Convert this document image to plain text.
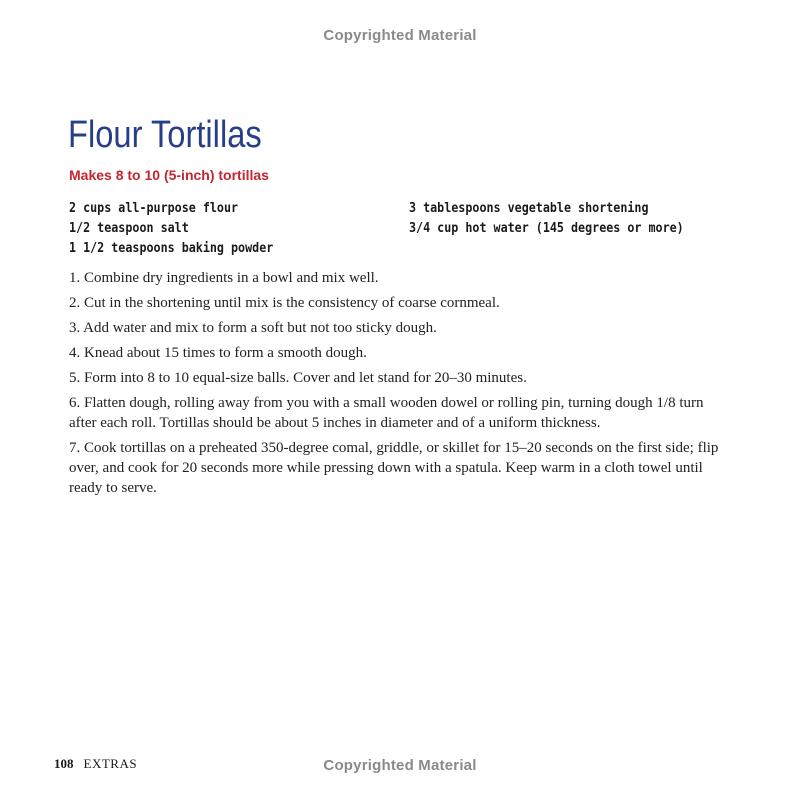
Copyrighted Material
Flour Tortillas
Makes 8 to 10 (5-inch) tortillas
2 cups all-purpose flour
1/2 teaspoon salt
1 1/2 teaspoons baking powder
3 tablespoons vegetable shortening
3/4 cup hot water (145 degrees or more)
1. Combine dry ingredients in a bowl and mix well.
2. Cut in the shortening until mix is the consistency of coarse cornmeal.
3. Add water and mix to form a soft but not too sticky dough.
4. Knead about 15 times to form a smooth dough.
5. Form into 8 to 10 equal-size balls. Cover and let stand for 20–30 minutes.
6. Flatten dough, rolling away from you with a small wooden dowel or rolling pin, turning dough 1/8 turn after each roll. Tortillas should be about 5 inches in diameter and of a uniform thickness.
7. Cook tortillas on a preheated 350-degree comal, griddle, or skillet for 15–20 seconds on the first side; flip over, and cook for 20 seconds more while pressing down with a spatula. Keep warm in a cloth towel until ready to serve.
108 EXTRAS	Copyrighted Material
